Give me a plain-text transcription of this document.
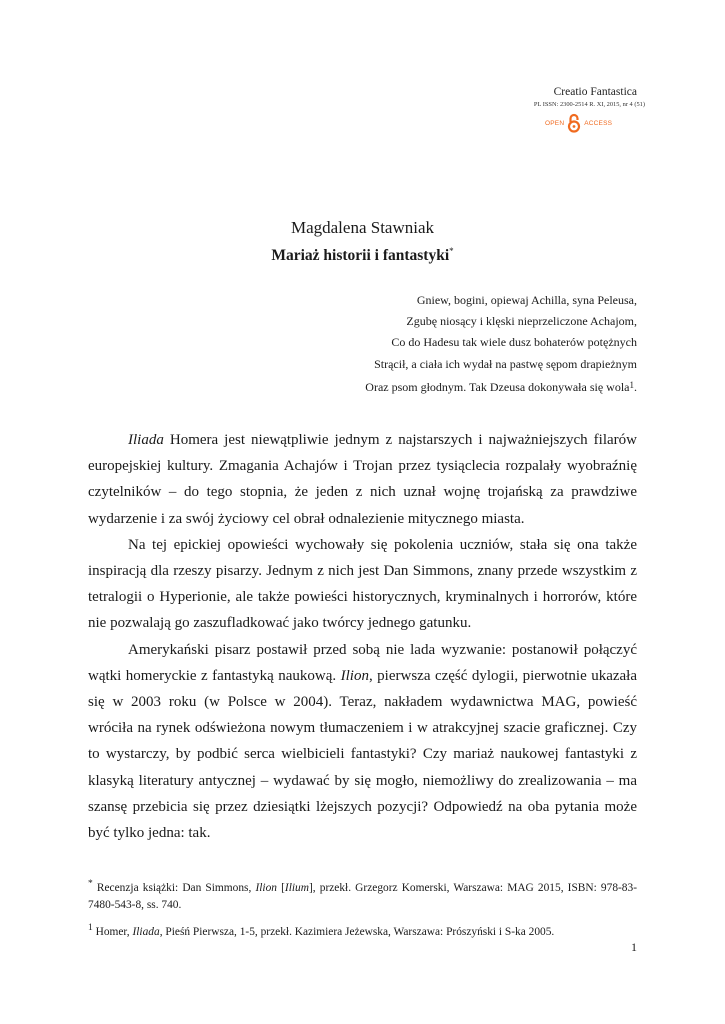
Creatio Fantastica
PL ISSN: 2300-2514 R. XI, 2015, nr 4 (51)
OPEN	ACCESS
Magdalena Stawniak
Mariaż historii i fantastyki*
Gniew, bogini, opiewaj Achilla, syna Peleusa,
Zgubę niosący i klęski nieprzeliczone Achajom,
Co do Hadesu tak wiele dusz bohaterów potężnych
Strącił, a ciała ich wydał na pastwę sępom drapieżnym
Oraz psom głodnym. Tak Dzeusa dokonywała się wola$^1$.

Iliada Homera jest niewątpliwie jednym z najstarszych i najważniejszych filarów europejskiej kultury. Zmagania Achajów i Trojan przez tysiąclecia rozpalały wyobraźnię czytelników – do tego stopnia, że jeden z nich uznał wojnę trojańską za prawdziwe wydarzenie i za swój życiowy cel obrał odnalezienie mitycznego miasta.

Na tej epickiej opowieści wychowały się pokolenia uczniów, stała się ona także inspiracją dla rzeszy pisarzy. Jednym z nich jest Dan Simmons, znany przede wszystkim z tetralogii o Hyperionie, ale także powieści historycznych, kryminalnych i horrorów, które nie pozwalają go zaszufladkować jako twórcy jednego gatunku.

Amerykański pisarz postawił przed sobą nie lada wyzwanie: postanowił połączyć wątki homeryckie z fantastyką naukową. Ilion, pierwsza część dylogii, pierwotnie ukazała się w 2003 roku (w Polsce w 2004). Teraz, nakładem wydawnictwa MAG, powieść wróciła na rynek odświeżona nowym tłumaczeniem i w atrakcyjnej szacie graficznej. Czy to wystarczy, by podbić serca wielbicieli fantastyki? Czy mariaż naukowej fantastyki z klasyką literatury antycznej – wydawać by się mogło, niemożliwy do zrealizowania – ma szansę przebicia się przez dziesiątki lżejszych pozycji? Odpowiedź na oba pytania może być tylko jedna: tak.

* Recenzja książki: Dan Simmons, Ilion [Ilium], przekł. Grzegorz Komerski, Warszawa: MAG 2015, ISBN: 978-83-7480-543-8, ss. 740.
$^1$ Homer, Iliada, Pieśń Pierwsza, 1-5, przekł. Kazimiera Jeżewska, Warszawa: Prószyński i S-ka 2005.
1
